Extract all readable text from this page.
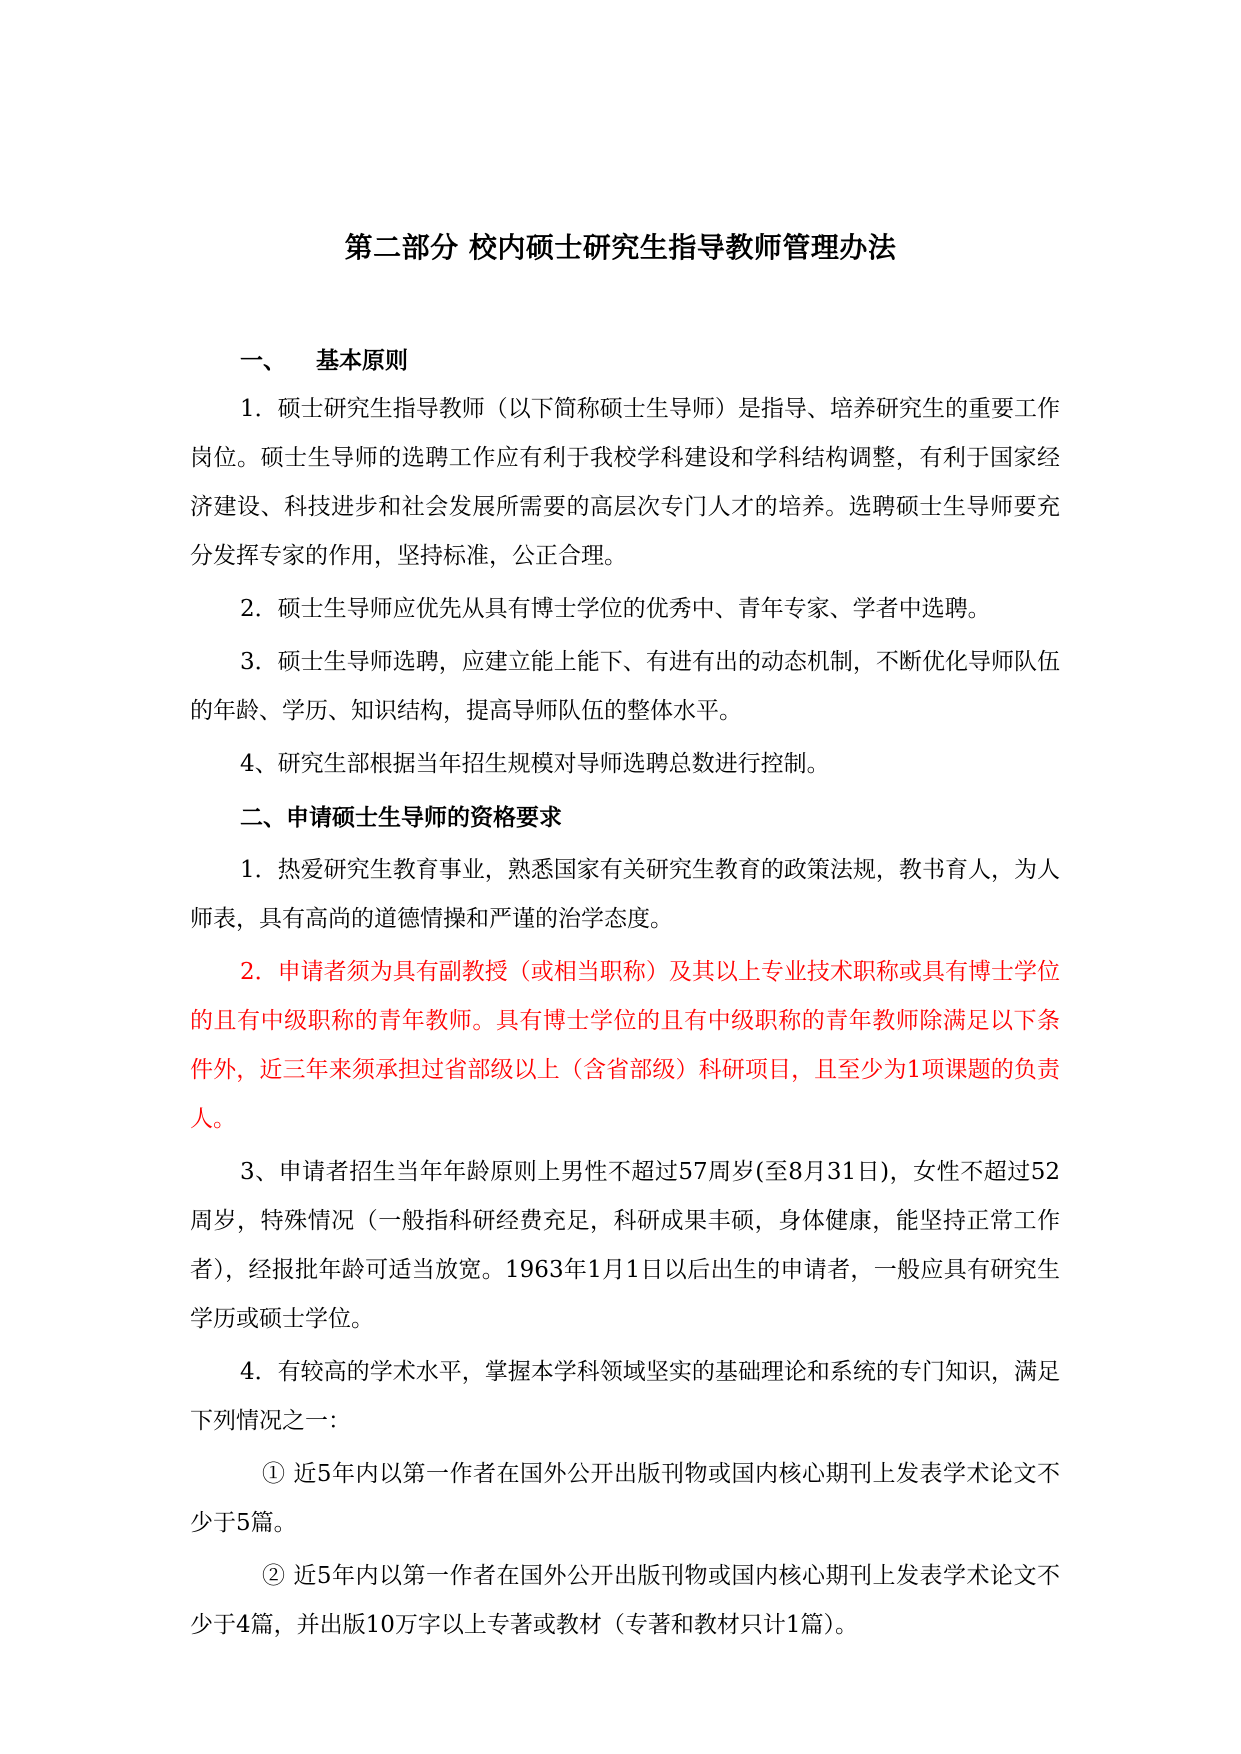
第二部分 校内硕士研究生指导教师管理办法

一、 基本原则

1．硕士研究生指导教师（以下简称硕士生导师）是指导、培养研究生的重要工作岗位。硕士生导师的选聘工作应有利于我校学科建设和学科结构调整，有利于国家经济建设、科技进步和社会发展所需要的高层次专门人才的培养。选聘硕士生导师要充分发挥专家的作用，坚持标准，公正合理。

2．硕士生导师应优先从具有博士学位的优秀中、青年专家、学者中选聘。

3．硕士生导师选聘，应建立能上能下、有进有出的动态机制，不断优化导师队伍的年龄、学历、知识结构，提高导师队伍的整体水平。

4、研究生部根据当年招生规模对导师选聘总数进行控制。

二、申请硕士生导师的资格要求

1．热爱研究生教育事业，熟悉国家有关研究生教育的政策法规，教书育人，为人师表，具有高尚的道德情操和严谨的治学态度。

2．申请者须为具有副教授（或相当职称）及其以上专业技术职称或具有博士学位的且有中级职称的青年教师。具有博士学位的且有中级职称的青年教师除满足以下条件外，近三年来须承担过省部级以上（含省部级）科研项目，且至少为1项课题的负责人。

3、申请者招生当年年龄原则上男性不超过57周岁(至8月31日)，女性不超过52周岁，特殊情况（一般指科研经费充足，科研成果丰硕，身体健康，能坚持正常工作者），经报批年龄可适当放宽。1963年1月1日以后出生的申请者，一般应具有研究生学历或硕士学位。

4．有较高的学术水平，掌握本学科领域坚实的基础理论和系统的专门知识，满足下列情况之一：

① 近5年内以第一作者在国外公开出版刊物或国内核心期刊上发表学术论文不少于5篇。

② 近5年内以第一作者在国外公开出版刊物或国内核心期刊上发表学术论文不少于4篇，并出版10万字以上专著或教材（专著和教材只计1篇）。
